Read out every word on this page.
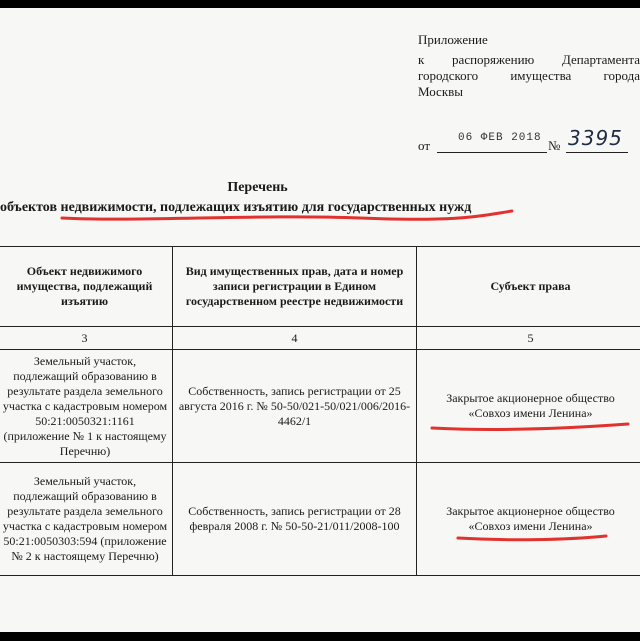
Приложение
к распоряжению Департамента
городского имущества города
Москвы
от	06 ФЕВ 2018 № 3395
Перечень
объектов недвижимости, подлежащих изъятию для государственных нужд
Объект недвижимого имущества, подлежащий изъятию	Вид имущественных прав, дата и номер записи регистрации в Едином государственном реестре недвижимости	Субъект права
3	4	5
Земельный участок, подлежащий образованию в результате раздела земельного участка с кадастровым номером 50:21:0050321:1161 (приложение № 1 к настоящему Перечню)	Собственность, запись регистрации от 25 августа 2016 г. № 50-50/021-50/021/006/2016-4462/1	Закрытое акционерное общество
«Совхоз имени Ленина»

Земельный участок, подлежащий образованию в результате раздела земельного участка с кадастровым номером 50:21:0050303:594 (приложение № 2 к настоящему Перечню)	Собственность, запись регистрации от 28 февраля 2008 г. № 50-50-21/011/2008-100	Закрытое акционерное общество
«Совхоз имени Ленина»
